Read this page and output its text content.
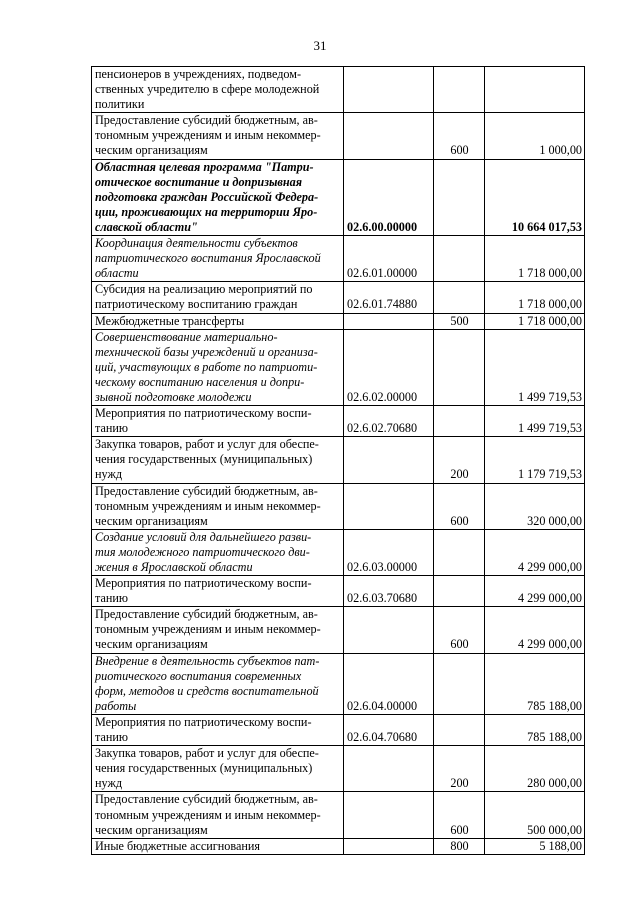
31
пенсионеров в учреждениях, подведом-
ственных учредителю в сфере молодежной
политики			
Предоставление субсидий бюджетным, ав-
тономным учреждениям и иным некоммер-
ческим организациям		600	1 000,00
Областная целевая программа "Патри-
отическое воспитание и допризывная
подготовка граждан Российской Федера-
ции, проживающих на территории Яро-
славской области"	02.6.00.00000		10 664 017,53
Координация деятельности субъектов
патриотического воспитания Ярославской
области	02.6.01.00000		1 718 000,00
Субсидия на реализацию мероприятий по
патриотическому воспитанию граждан	02.6.01.74880		1 718 000,00
Межбюджетные трансферты		500	1 718 000,00
Совершенствование материально-
технической базы учреждений и организа-
ций, участвующих в работе по патриоти-
ческому воспитанию населения и допри-
зывной подготовке молодежи	02.6.02.00000		1 499 719,53
Мероприятия по патриотическому воспи-
танию	02.6.02.70680		1 499 719,53
Закупка товаров, работ и услуг для обеспе-
чения государственных (муниципальных)
нужд		200	1 179 719,53
Предоставление субсидий бюджетным, ав-
тономным учреждениям и иным некоммер-
ческим организациям		600	320 000,00
Создание условий для дальнейшего разви-
тия молодежного патриотического дви-
жения в Ярославской области	02.6.03.00000		4 299 000,00
Мероприятия по патриотическому воспи-
танию	02.6.03.70680		4 299 000,00
Предоставление субсидий бюджетным, ав-
тономным учреждениям и иным некоммер-
ческим организациям		600	4 299 000,00
Внедрение в деятельность субъектов пат-
риотического воспитания современных
форм, методов и средств воспитательной
работы	02.6.04.00000		785 188,00
Мероприятия по патриотическому воспи-
танию	02.6.04.70680		785 188,00
Закупка товаров, работ и услуг для обеспе-
чения государственных (муниципальных)
нужд		200	280 000,00
Предоставление субсидий бюджетным, ав-
тономным учреждениям и иным некоммер-
ческим организациям		600	500 000,00
Иные бюджетные ассигнования		800	5 188,00
